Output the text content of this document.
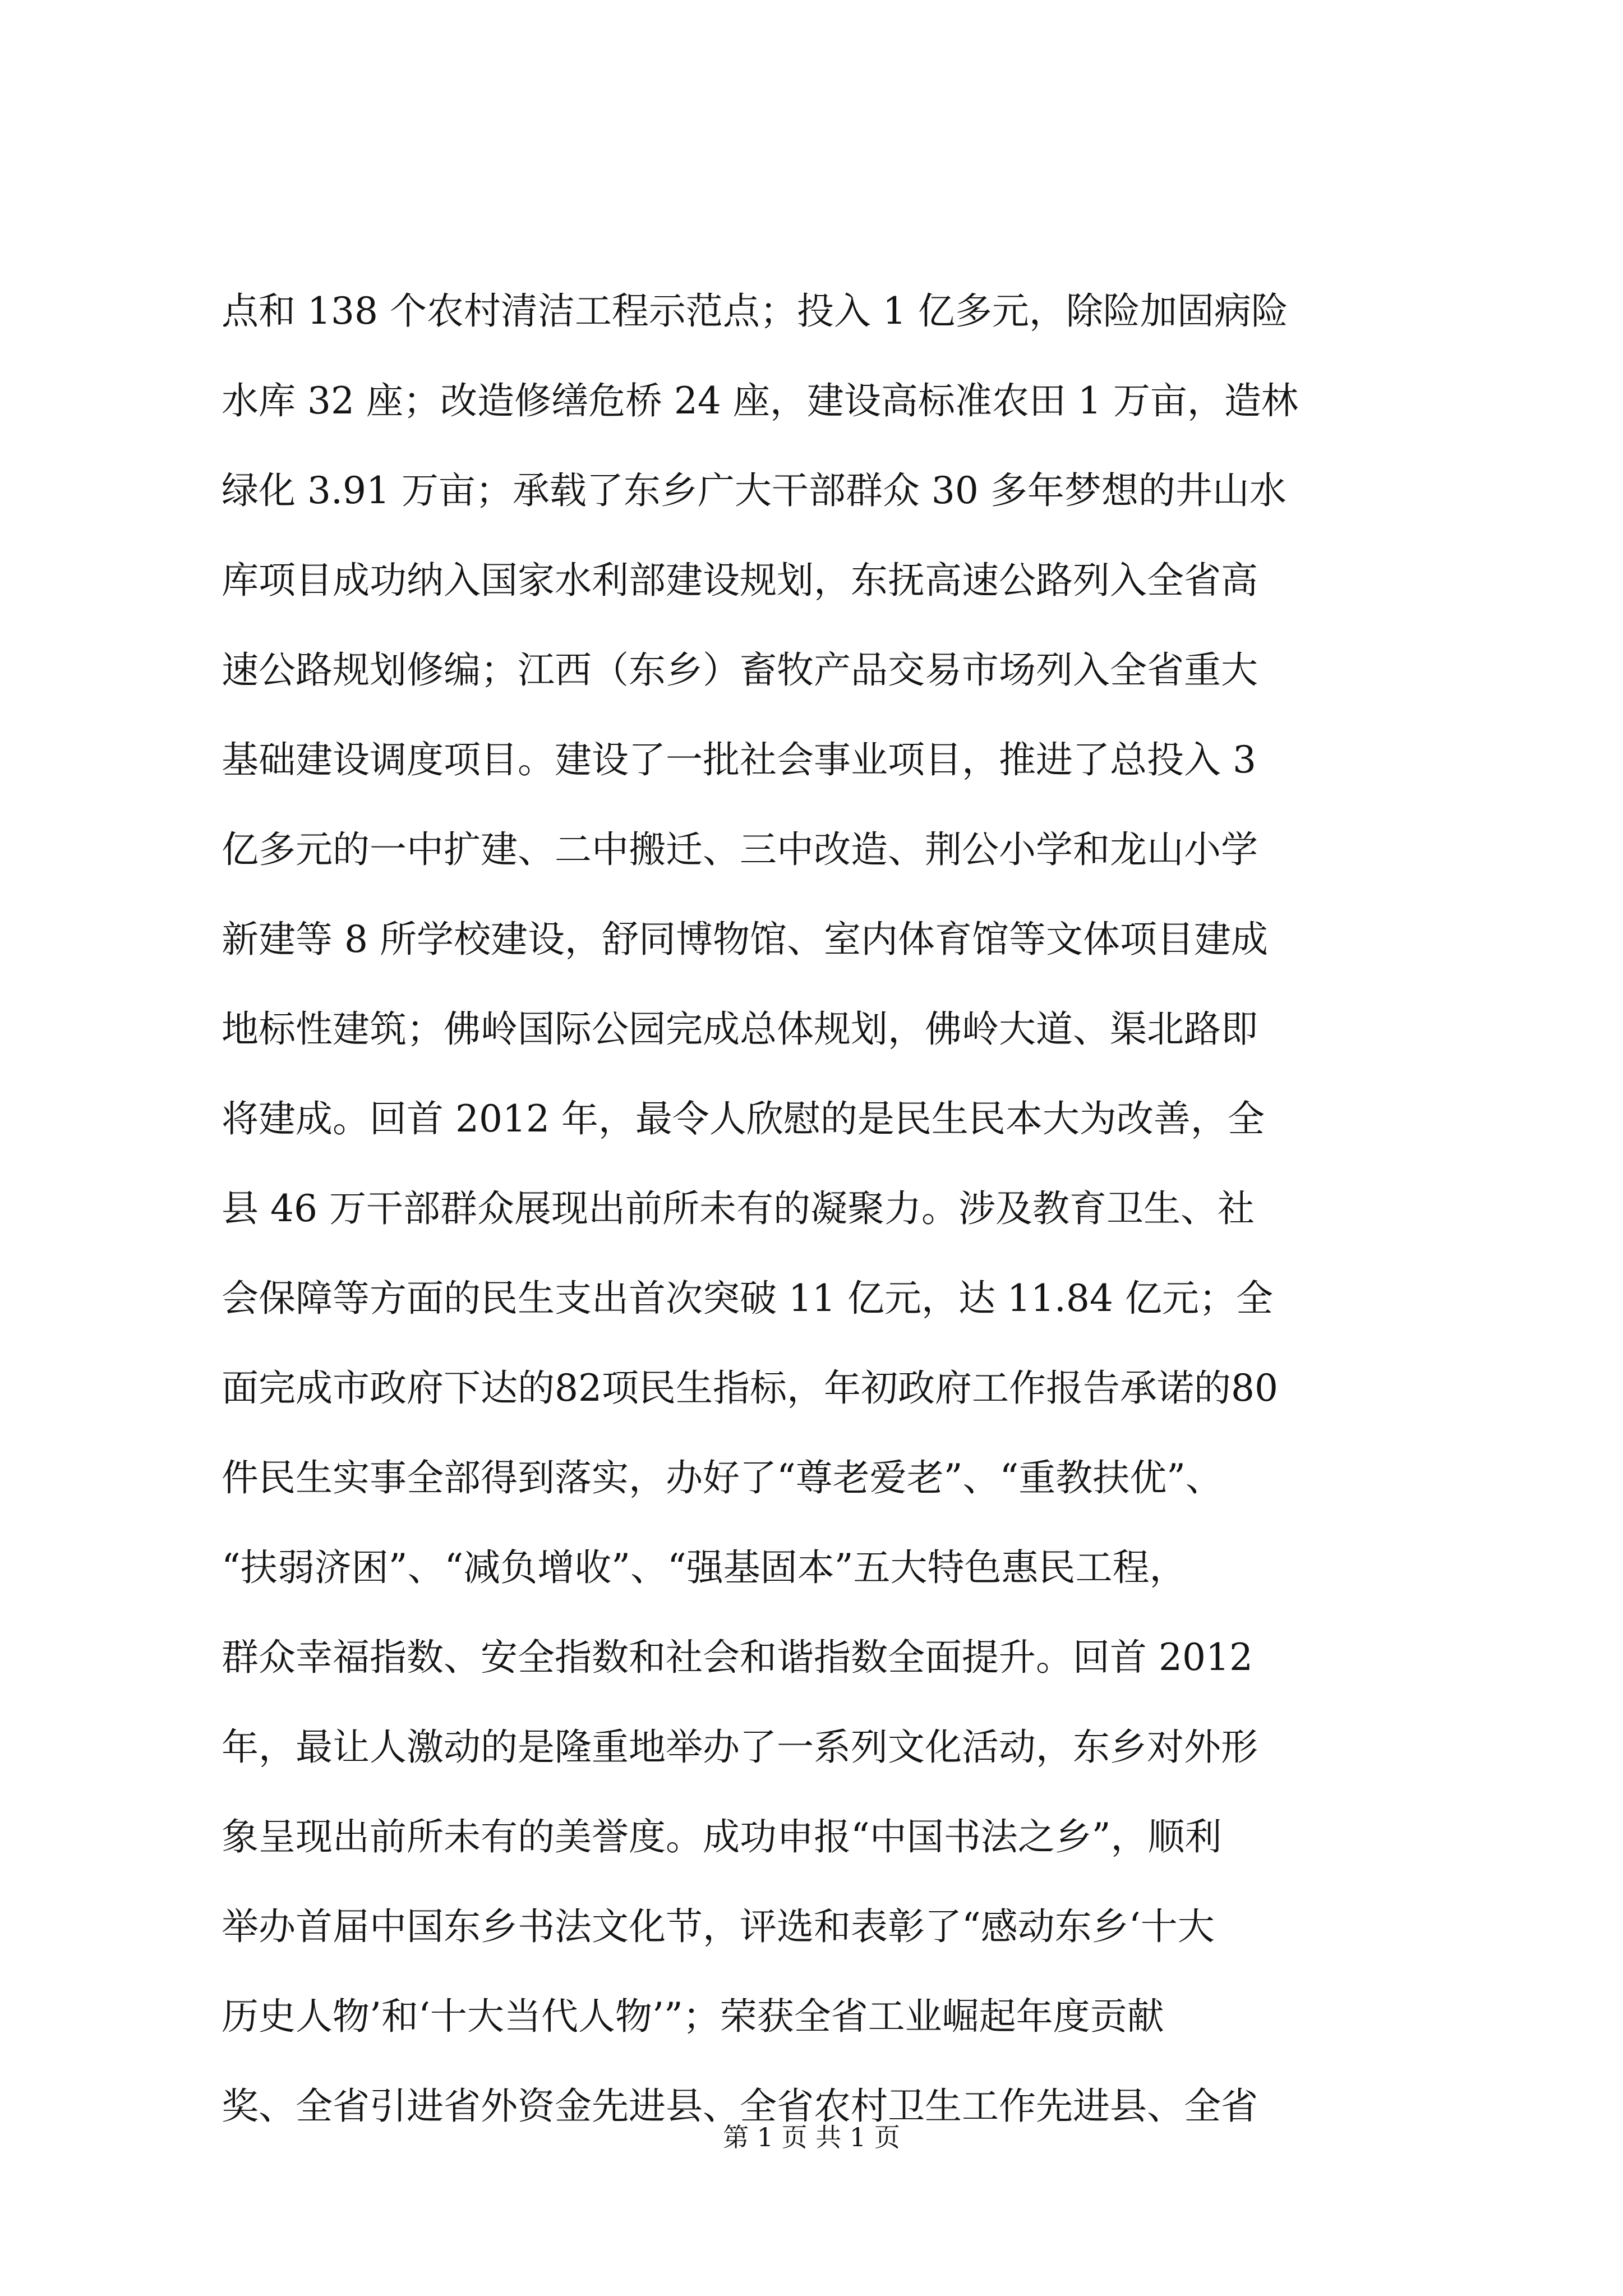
点和 138 个农村清洁工程示范点；投入 1 亿多元，除险加固病险
水库 32 座；改造修缮危桥 24 座，建设高标准农田 1 万亩，造林
绿化 3.91 万亩；承载了东乡广大干部群众 30 多年梦想的井山水
库项目成功纳入国家水利部建设规划，东抚高速公路列入全省高
速公路规划修编；江西（东乡）畜牧产品交易市场列入全省重大
基础建设调度项目。建设了一批社会事业项目，推进了总投入 3
亿多元的一中扩建、二中搬迁、三中改造、荆公小学和龙山小学
新建等 8 所学校建设，舒同博物馆、室内体育馆等文体项目建成
地标性建筑；佛岭国际公园完成总体规划，佛岭大道、渠北路即
将建成。回首 2012 年，最令人欣慰的是民生民本大为改善，全
县 46 万干部群众展现出前所未有的凝聚力。涉及教育卫生、社
会保障等方面的民生支出首次突破 11 亿元，达 11.84 亿元；全
面完成市政府下达的82项民生指标，年初政府工作报告承诺的80
件民生实事全部得到落实，办好了“尊老爱老”、“重教扶优”、
“扶弱济困”、“减负增收”、“强基固本”五大特色惠民工程，
群众幸福指数、安全指数和社会和谐指数全面提升。回首 2012
年，最让人激动的是隆重地举办了一系列文化活动，东乡对外形
象呈现出前所未有的美誉度。成功申报“中国书法之乡”，顺利
举办首届中国东乡书法文化节，评选和表彰了“感动东乡‘十大
历史人物’和‘十大当代人物’”；荣获全省工业崛起年度贡献
奖、全省引进省外资金先进县、全省农村卫生工作先进县、全省
第 1 页 共 1 页
